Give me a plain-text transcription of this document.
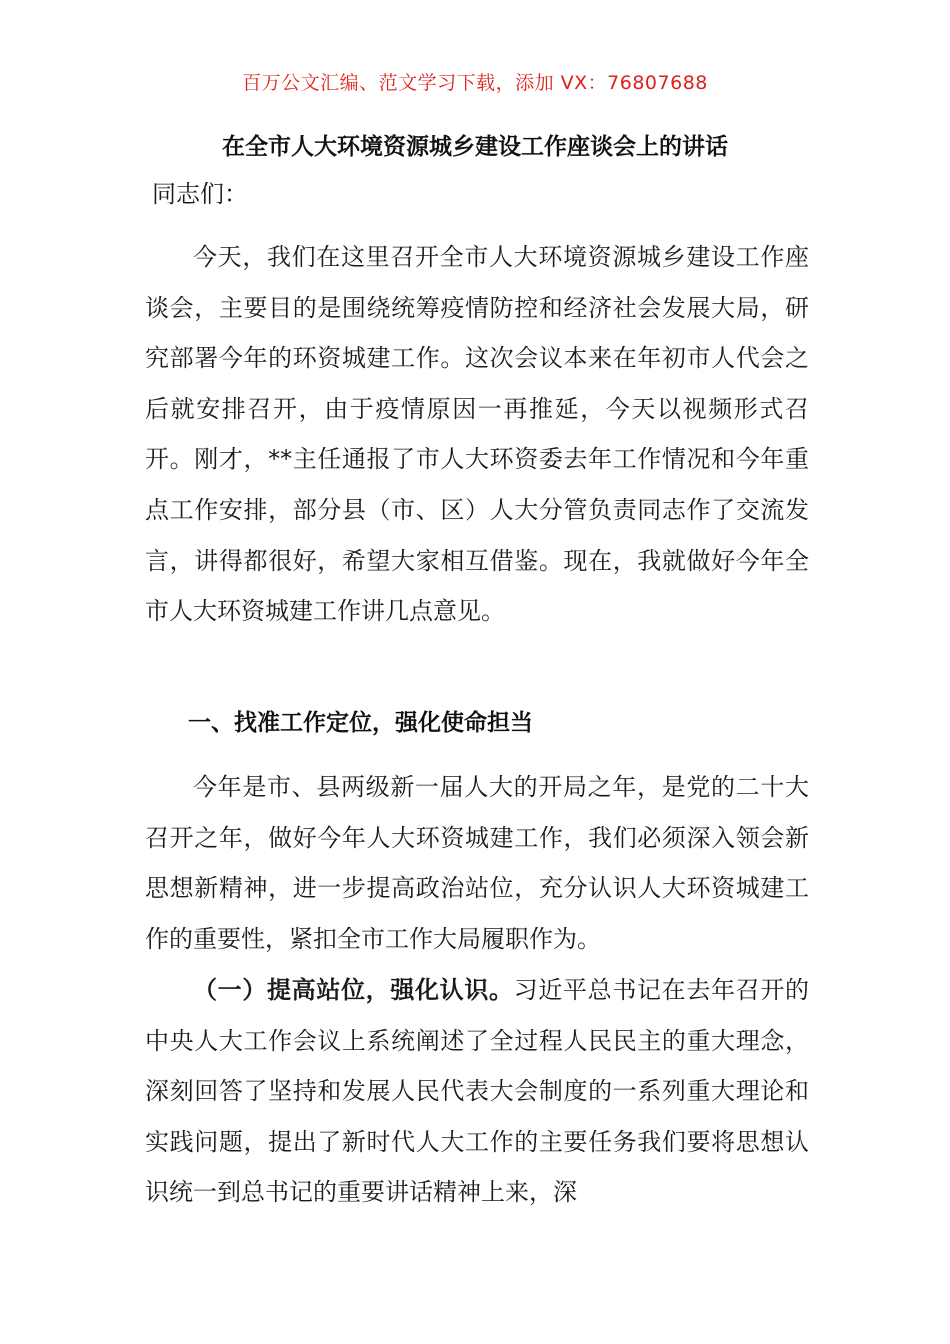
百万公文汇编、范文学习下载，添加 VX：76807688
在全市人大环境资源城乡建设工作座谈会上的讲话
同志们：

今天，我们在这里召开全市人大环境资源城乡建设工作座谈会，主要目的是围绕统筹疫情防控和经济社会发展大局，研究部署今年的环资城建工作。这次会议本来在年初市人代会之后就安排召开，由于疫情原因一再推延，今天以视频形式召开。刚才，**主任通报了市人大环资委去年工作情况和今年重点工作安排，部分县（市、区）人大分管负责同志作了交流发言，讲得都很好，希望大家相互借鉴。现在，我就做好今年全市人大环资城建工作讲几点意见。

一、找准工作定位，强化使命担当

今年是市、县两级新一届人大的开局之年，是党的二十大召开之年，做好今年人大环资城建工作，我们必须深入领会新思想新精神，进一步提高政治站位，充分认识人大环资城建工作的重要性，紧扣全市工作大局履职作为。

（一）提高站位，强化认识。习近平总书记在去年召开的中央人大工作会议上系统阐述了全过程人民民主的重大理念，深刻回答了坚持和发展人民代表大会制度的一系列重大理论和实践问题，提出了新时代人大工作的主要任务我们要将思想认识统一到总书记的重要讲话精神上来，深
